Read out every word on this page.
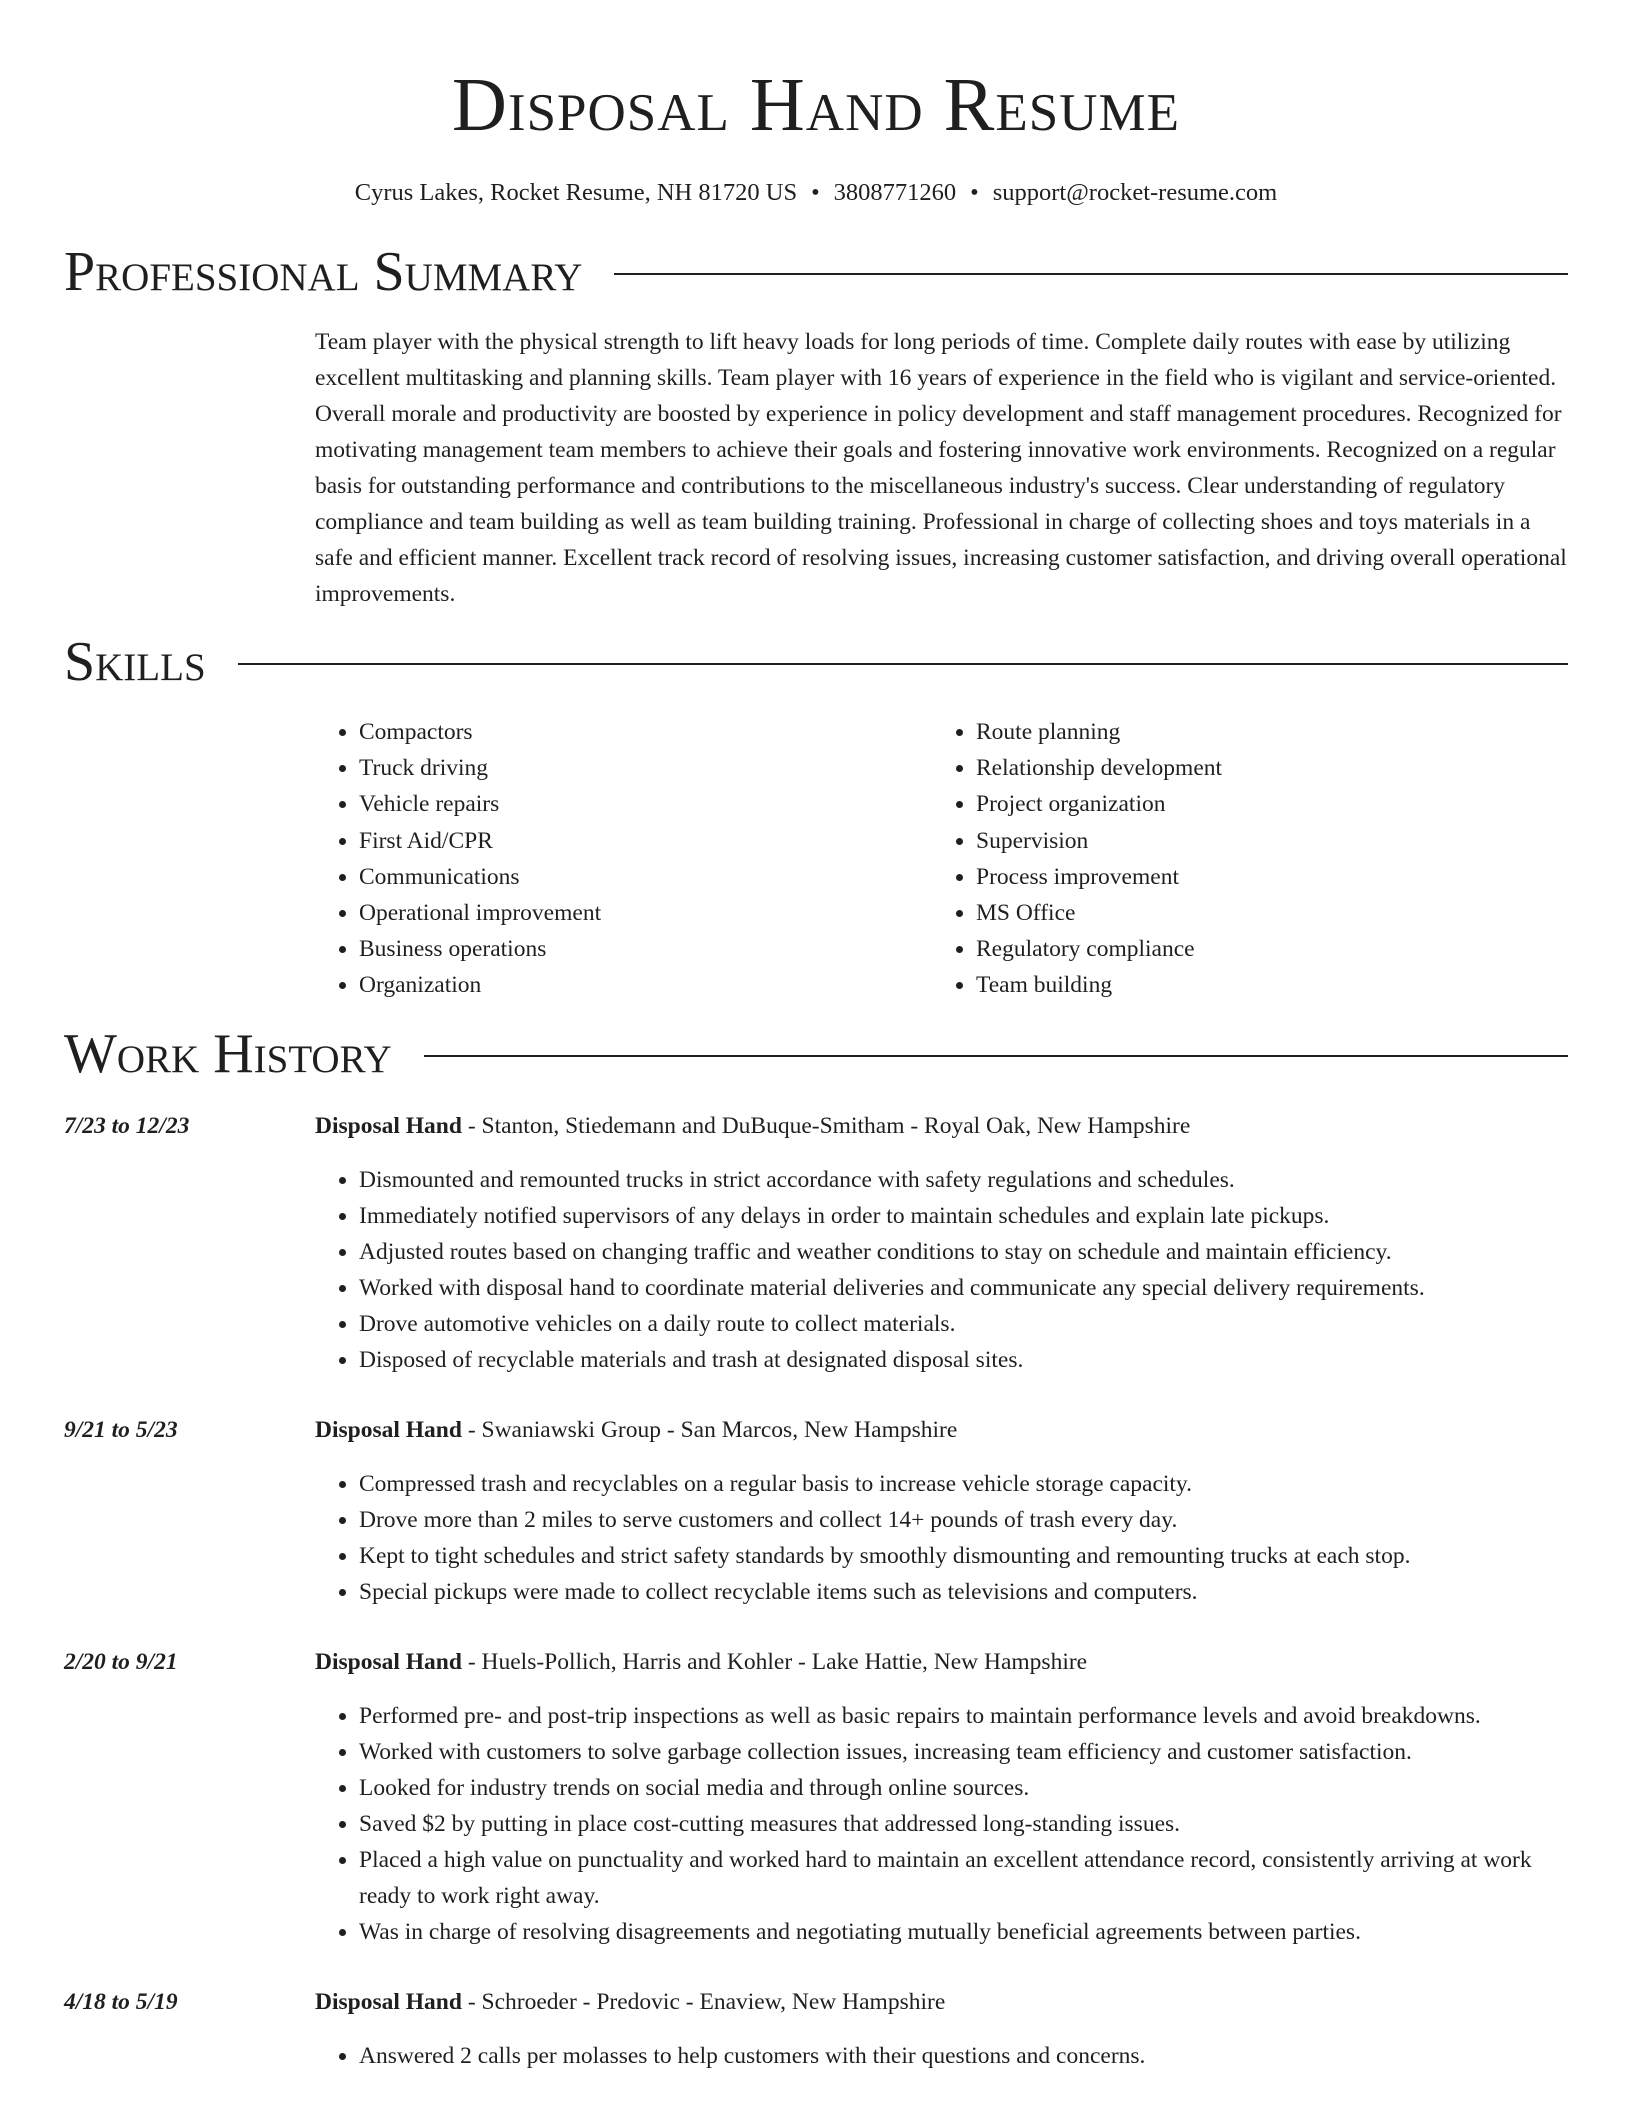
Disposal Hand Resume
Cyrus Lakes, Rocket Resume, NH 81720 US • 3808771260 • support@rocket-resume.com
Professional Summary
Team player with the physical strength to lift heavy loads for long periods of time. Complete daily routes with ease by utilizing excellent multitasking and planning skills. Team player with 16 years of experience in the field who is vigilant and service-oriented. Overall morale and productivity are boosted by experience in policy development and staff management procedures. Recognized for motivating management team members to achieve their goals and fostering innovative work environments. Recognized on a regular basis for outstanding performance and contributions to the miscellaneous industry's success. Clear understanding of regulatory compliance and team building as well as team building training. Professional in charge of collecting shoes and toys materials in a safe and efficient manner. Excellent track record of resolving issues, increasing customer satisfaction, and driving overall operational improvements.
Skills
• Compactors
• Truck driving
• Vehicle repairs
• First Aid/CPR
• Communications
• Operational improvement
• Business operations
• Organization
• Route planning
• Relationship development
• Project organization
• Supervision
• Process improvement
• MS Office
• Regulatory compliance
• Team building
Work History
7/23 to 12/23	Disposal Hand - Stanton, Stiedemann and DuBuque-Smitham - Royal Oak, New Hampshire
• Dismounted and remounted trucks in strict accordance with safety regulations and schedules.
• Immediately notified supervisors of any delays in order to maintain schedules and explain late pickups.
• Adjusted routes based on changing traffic and weather conditions to stay on schedule and maintain efficiency.
• Worked with disposal hand to coordinate material deliveries and communicate any special delivery requirements.
• Drove automotive vehicles on a daily route to collect materials.
• Disposed of recyclable materials and trash at designated disposal sites.
9/21 to 5/23	Disposal Hand - Swaniawski Group - San Marcos, New Hampshire
• Compressed trash and recyclables on a regular basis to increase vehicle storage capacity.
• Drove more than 2 miles to serve customers and collect 14+ pounds of trash every day.
• Kept to tight schedules and strict safety standards by smoothly dismounting and remounting trucks at each stop.
• Special pickups were made to collect recyclable items such as televisions and computers.
2/20 to 9/21	Disposal Hand - Huels-Pollich, Harris and Kohler - Lake Hattie, New Hampshire
• Performed pre- and post-trip inspections as well as basic repairs to maintain performance levels and avoid breakdowns.
• Worked with customers to solve garbage collection issues, increasing team efficiency and customer satisfaction.
• Looked for industry trends on social media and through online sources.
• Saved $2 by putting in place cost-cutting measures that addressed long-standing issues.
• Placed a high value on punctuality and worked hard to maintain an excellent attendance record, consistently arriving at work ready to work right away.
• Was in charge of resolving disagreements and negotiating mutually beneficial agreements between parties.
4/18 to 5/19	Disposal Hand - Schroeder - Predovic - Enaview, New Hampshire
• Answered 2 calls per molasses to help customers with their questions and concerns.
